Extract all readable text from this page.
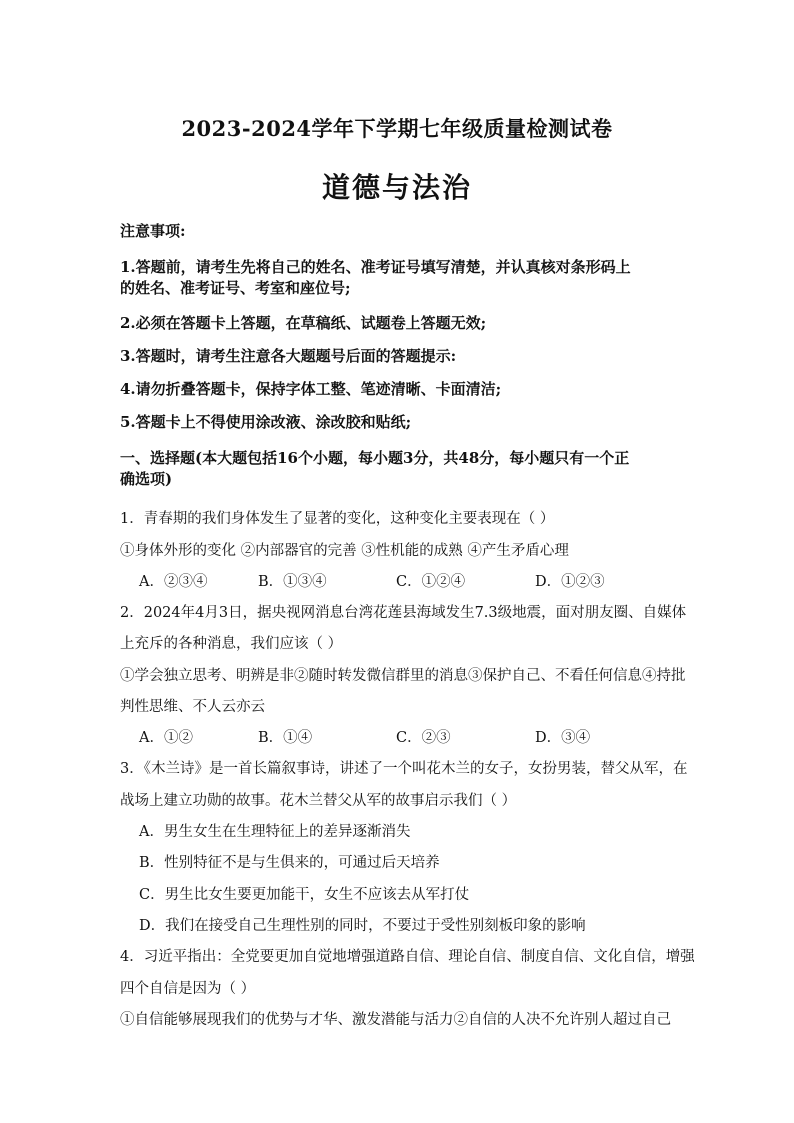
2023-2024学年下学期七年级质量检测试卷
道德与法治
注意事项:
1.答题前，请考生先将自己的姓名、准考证号填写清楚，并认真核对条形码上
的姓名、准考证号、考室和座位号;
2.必须在答题卡上答题，在草稿纸、试题卷上答题无效;
3.答题时，请考生注意各大题题号后面的答题提示:
4.请勿折叠答题卡，保持字体工整、笔迹清晰、卡面清洁;
5.答题卡上不得使用涂改液、涂改胶和贴纸;
一、选择题(本大题包括16个小题，每小题3分，共48分，每小题只有一个正
确选项)
1．青春期的我们身体发生了显著的变化，这种变化主要表现在（ ）
①身体外形的变化 ②内部器官的完善 ③性机能的成熟 ④产生矛盾心理
A．②③④	B．①③④	C．①②④	D．①②③
2．2024年4月3日，据央视网消息台湾花莲县海域发生7.3级地震，面对朋友圈、自媒体
上充斥的各种消息，我们应该（ ）
①学会独立思考、明辨是非②随时转发微信群里的消息③保护自己、不看任何信息④持批
判性思维、不人云亦云
A．①②	B．①④	C．②③	D．③④
3．《木兰诗》是一首长篇叙事诗，讲述了一个叫花木兰的女子，女扮男装，替父从军，在
战场上建立功勋的故事。花木兰替父从军的故事启示我们（ ）
A．男生女生在生理特征上的差异逐渐消失
B．性别特征不是与生俱来的，可通过后天培养
C．男生比女生要更加能干，女生不应该去从军打仗
D．我们在接受自己生理性别的同时，不要过于受性别刻板印象的影响
4．习近平指出：全党要更加自觉地增强道路自信、理论自信、制度自信、文化自信，增强
四个自信是因为（ ）
①自信能够展现我们的优势与才华、激发潜能与活力②自信的人决不允许别人超过自己
